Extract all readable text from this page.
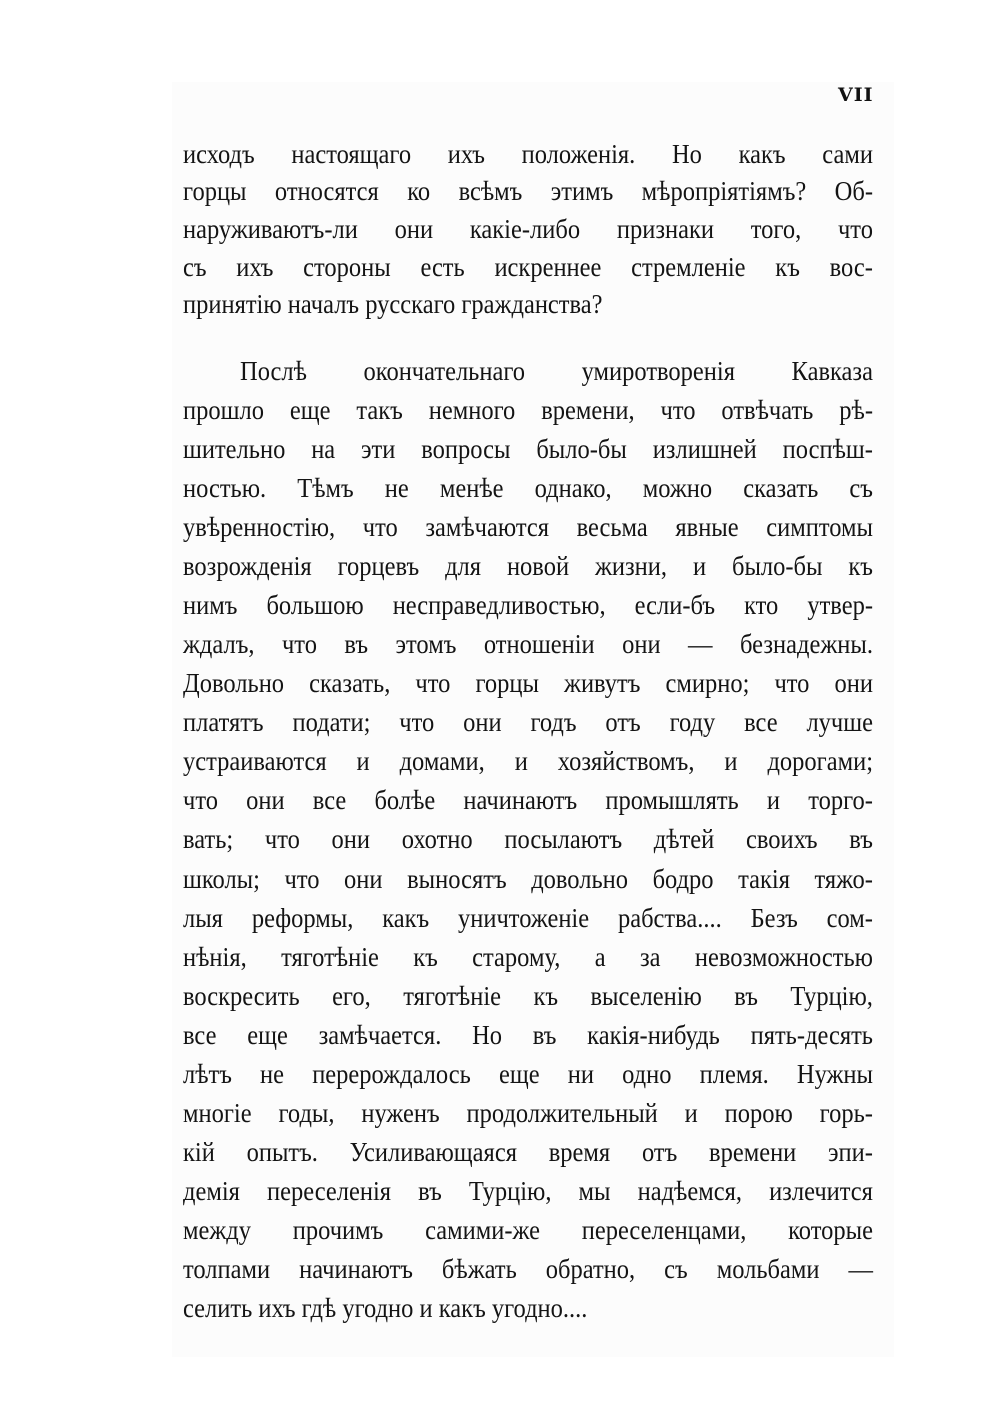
VII
исходъ настоящаго ихъ положенія. Но какъ сами
горцы относятся ко всѣмъ этимъ мѣропріятіямъ? Об-
наруживаютъ-ли они какіе-либо признаки того, что
съ ихъ стороны есть искреннее стремленіе къ вос-
принятію началъ русскаго гражданства?
Послѣ окончательнаго умиротворенія Кавказа
прошло еще такъ немного времени, что отвѣчать рѣ-
шительно на эти вопросы было-бы излишней поспѣш-
ностью. Тѣмъ не менѣе однако, можно сказать съ
увѣренностію, что замѣчаются весьма явные симптомы
возрожденія горцевъ для новой жизни, и было-бы къ
нимъ большою несправедливостью, если-бъ кто утвер-
ждалъ, что въ этомъ отношеніи они — безнадежны.
Довольно сказать, что горцы живутъ смирно; что они
платятъ подати; что они годъ отъ году все лучше
устраиваются и домами, и хозяйствомъ, и дорогами;
что они все болѣе начинаютъ промышлять и торго-
вать; что они охотно посылаютъ дѣтей своихъ въ
школы; что они выносятъ довольно бодро такія тяжо-
лыя реформы, какъ уничтоженіе рабства.... Безъ сом-
нѣнія, тяготѣніе къ старому, а за невозможностью
воскресить его, тяготѣніе къ выселенію въ Турцію,
все еще замѣчается. Но въ какія-нибудь пять-десять
лѣтъ не перерождалось еще ни одно племя. Нужны
многіе годы, нуженъ продолжительный и порою горь-
кій опытъ. Усиливающаяся время отъ времени эпи-
демія переселенія въ Турцію, мы надѣемся, излечится
между прочимъ самими-же переселенцами, которые
толпами начинаютъ бѣжать обратно, съ мольбами —
селить ихъ гдѣ угодно и какъ угодно....
